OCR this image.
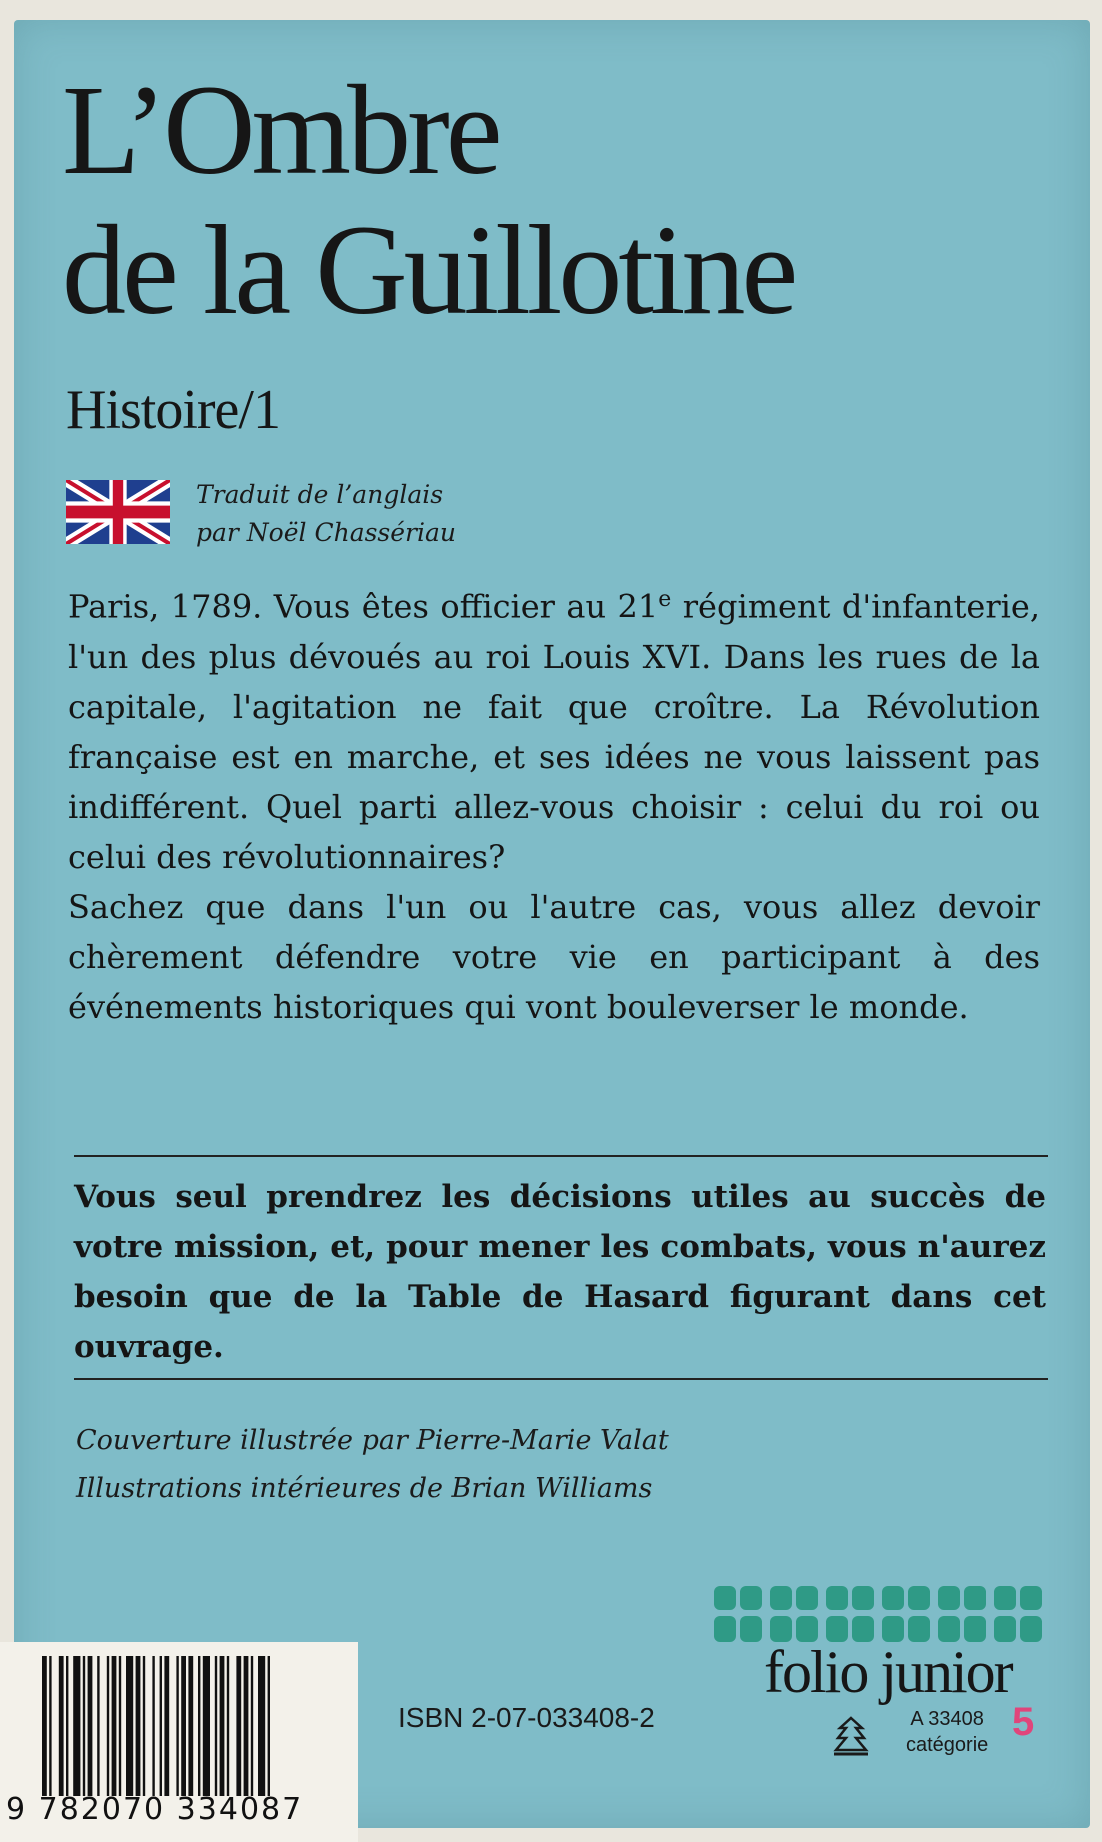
L’Ombre
de la Guillotine
Histoire/1
Traduit de l’anglais
par Noël Chassériau

Paris, 1789. Vous êtes officier au 21e régiment d'infanterie, l'un des plus dévoués au roi Louis XVI. Dans les rues de la capitale, l'agitation ne fait que croître. La Révolution française est en marche, et ses idées ne vous laissent pas indifférent. Quel parti allez-vous choisir : celui du roi ou celui des révolutionnaires?

Sachez que dans l'un ou l'autre cas, vous allez devoir chèrement défendre votre vie en participant à des événements historiques qui vont bouleverser le monde.

Vous seul prendrez les décisions utiles au succès de votre mission, et, pour mener les combats, vous n'aurez besoin que de la Table de Hasard figurant dans cet ouvrage.

Couverture illustrée par Pierre-Marie Valat
Illustrations intérieures de Brian Williams
9 782070 334087
ISBN 2-07-033408-2
folio junior
A 33408
catégorie
5
